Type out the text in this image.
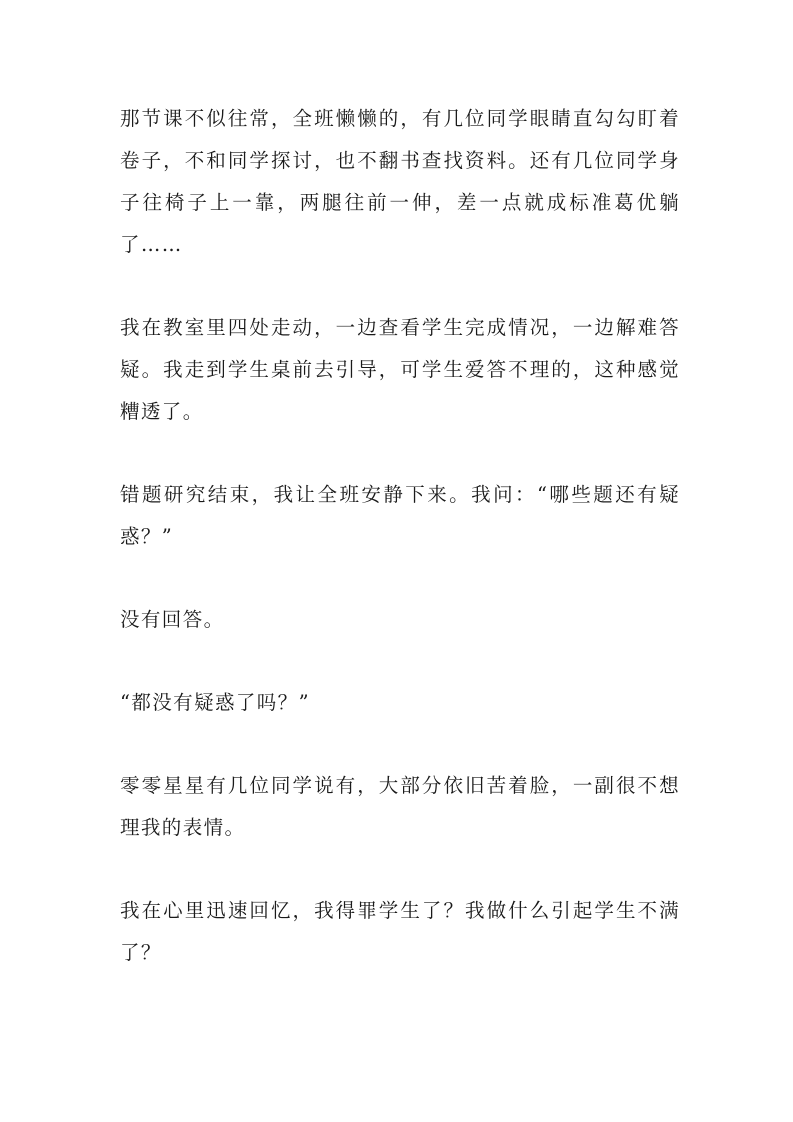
那节课不似往常，全班懒懒的，有几位同学眼睛直勾勾盯着卷子，不和同学探讨，也不翻书查找资料。还有几位同学身子往椅子上一靠，两腿往前一伸，差一点就成标准葛优躺了……

我在教室里四处走动，一边查看学生完成情况，一边解难答疑。我走到学生桌前去引导，可学生爱答不理的，这种感觉糟透了。

错题研究结束，我让全班安静下来。我问：“哪些题还有疑惑？”

没有回答。

“都没有疑惑了吗？”

零零星星有几位同学说有，大部分依旧苦着脸，一副很不想理我的表情。

我在心里迅速回忆，我得罪学生了？我做什么引起学生不满了？
